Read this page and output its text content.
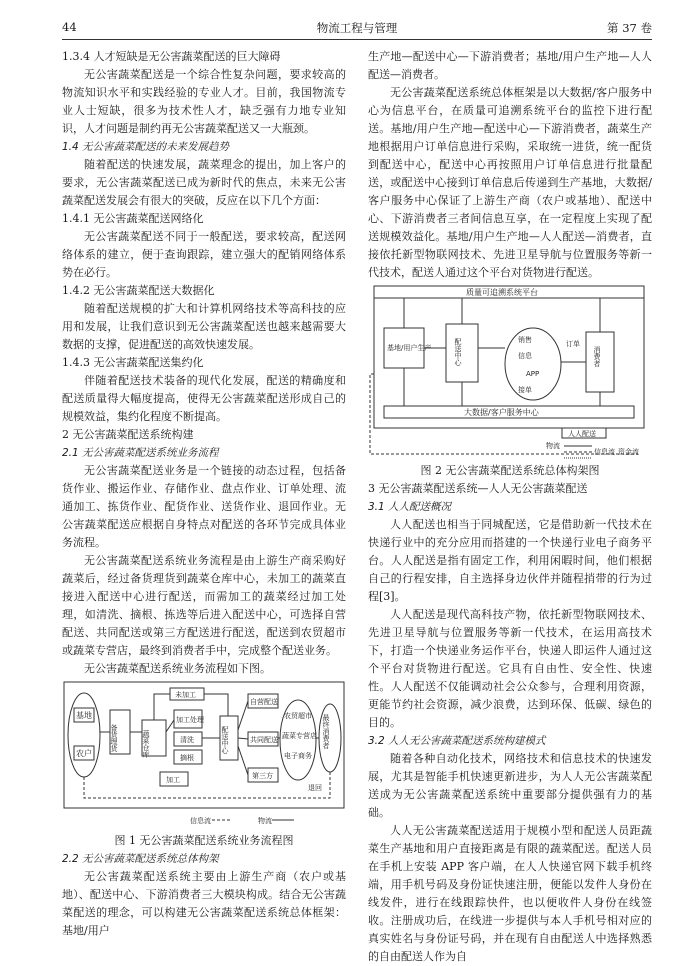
44	物流工程与管理	第 37 卷

1.3.4 人才短缺是无公害蔬菜配送的巨大障碍

无公害蔬菜配送是一个综合性复杂问题，要求较高的物流知识水平和实践经验的专业人才。目前，我国物流专业人士短缺，很多为技术性人才，缺乏强有力地专业知识，人才问题是制约再无公害蔬菜配送又一大瓶颈。

1.4 无公害蔬菜配送的未来发展趋势

随着配送的快速发展，蔬菜理念的提出，加上客户的要求，无公害蔬菜配送已成为新时代的焦点，未来无公害蔬菜配送发展会有很大的突破，反应在以下几个方面：

1.4.1 无公害蔬菜配送网络化

无公害蔬菜配送不同于一般配送，要求较高，配送网络体系的建立，便于查询跟踪，建立强大的配销网络体系势在必行。

1.4.2 无公害蔬菜配送大数据化

随着配送规模的扩大和计算机网络技术等高科技的应用和发展，让我们意识到无公害蔬菜配送也越来越需要大数据的支撑，促进配送的高效快速发展。

1.4.3 无公害蔬菜配送集约化

伴随着配送技术装备的现代化发展，配送的精确度和配送质量得大幅度提高，使得无公害蔬菜配送形成自己的规模效益，集约化程度不断提高。

2 无公害蔬菜配送系统构建

2.1 无公害蔬菜配送系统业务流程

无公害蔬菜配送业务是一个链接的动态过程，包括备货作业、搬运作业、存储作业、盘点作业、订单处理、流通加工、拣货作业、配货作业、送货作业、退回作业。无公害蔬菜配送应根据自身特点对配送的各环节完成具体业务流程。

无公害蔬菜配送系统业务流程是由上游生产商采购好蔬菜后，经过备货理货到蔬菜仓库中心，未加工的蔬菜直接进入配送中心进行配送，而需加工的蔬菜经过加工处理，如清洗、摘根、拣选等后进入配送中心，可选择自营配送、共同配送或第三方配送进行配送，配送到农贸超市或蔬菜专营店，最终到消费者手中，完成整个配送业务。

无公害蔬菜配送系统业务流程如下图。

基地
农户
备货理货
未加工
蔬菜仓库
加工处理
清洗
摘根
加工
配送中心
自营配送
共同配送
第三方
农贸超市
蔬菜专营店
电子商务
最终消费者
退回
信息流	物流
图 1 无公害蔬菜配送系统业务流程图

2.2 无公害蔬菜配送系统总体构架

无公害蔬菜配送系统主要由上游生产商（农户或基地）、配送中心、下游消费者三大模块构成。结合无公害蔬菜配送的理念，可以构建无公害蔬菜配送系统总体框架：基地/用户

生产地—配送中心—下游消费者；基地/用户生产地—人人配送—消费者。

无公害蔬菜配送系统总体框架是以大数据/客户服务中心为信息平台，在质量可追溯系统平台的监控下进行配送。基地/用户生产地—配送中心—下游消费者，蔬菜生产地根据用户订单信息进行采购，采取统一进货，统一配货到配送中心，配送中心再按照用户订单信息进行批量配送，或配送中心接到订单信息后传递到生产基地，大数据/客户服务中心保证了上游生产商（农户或基地）、配送中心、下游消费者三者间信息互享，在一定程度上实现了配送规模效益化。基地/用户生产地—人人配送—消费者，直接依托新型物联网技术、先进卫星导航与位置服务等新一代技术，配送人通过这个平台对货物进行配送。

质量可追溯系统平台
基地/用户生产	配送中心	销售
信息
APP
接单
消费者
订单
大数据/客户服务中心
人人配送
物流
信息流 资金流
图 2 无公害蔬菜配送系统总体构架图

3 无公害蔬菜配送系统—人人无公害蔬菜配送

3.1 人人配送概况

人人配送也相当于同城配送，它是借助新一代技术在快递行业中的充分应用而搭建的一个快递行业电子商务平台。人人配送是指有固定工作，利用闲暇时间，他们根据自己的行程安排，自主选择身边伙伴并随程捎带的行为过程[3]。

人人配送是现代高科技产物，依托新型物联网技术、先进卫星导航与位置服务等新一代技术，在运用高技术下，打造一个快递业务运作平台，快递人即运件人通过这个平台对货物进行配送。它具有自由性、安全性、快速性。人人配送不仅能调动社会公众参与，合理利用资源，更能节约社会资源，减少浪费，达到环保、低碳、绿色的目的。

3.2 人人无公害蔬菜配送系统构建模式

随着各种自动化技术，网络技术和信息技术的快速发展，尤其是智能手机快速更新进步，为人人无公害蔬菜配送成为无公害蔬菜配送系统中重要部分提供强有力的基础。

人人无公害蔬菜配送适用于规模小型和配送人员距蔬菜生产基地和用户直接距离是有限的蔬菜配送。配送人员在手机上安装 APP 客户端，在人人快递官网下载手机终端，用手机号码及身份证快速注册，便能以发件人身份在线发件，进行在线跟踪快件，也以便收件人身份在线签收。注册成功后，在线进一步提供与本人手机号相对应的真实姓名与身份证号码，并在现有自由配送人中选择熟悉的自由配送人作为自
